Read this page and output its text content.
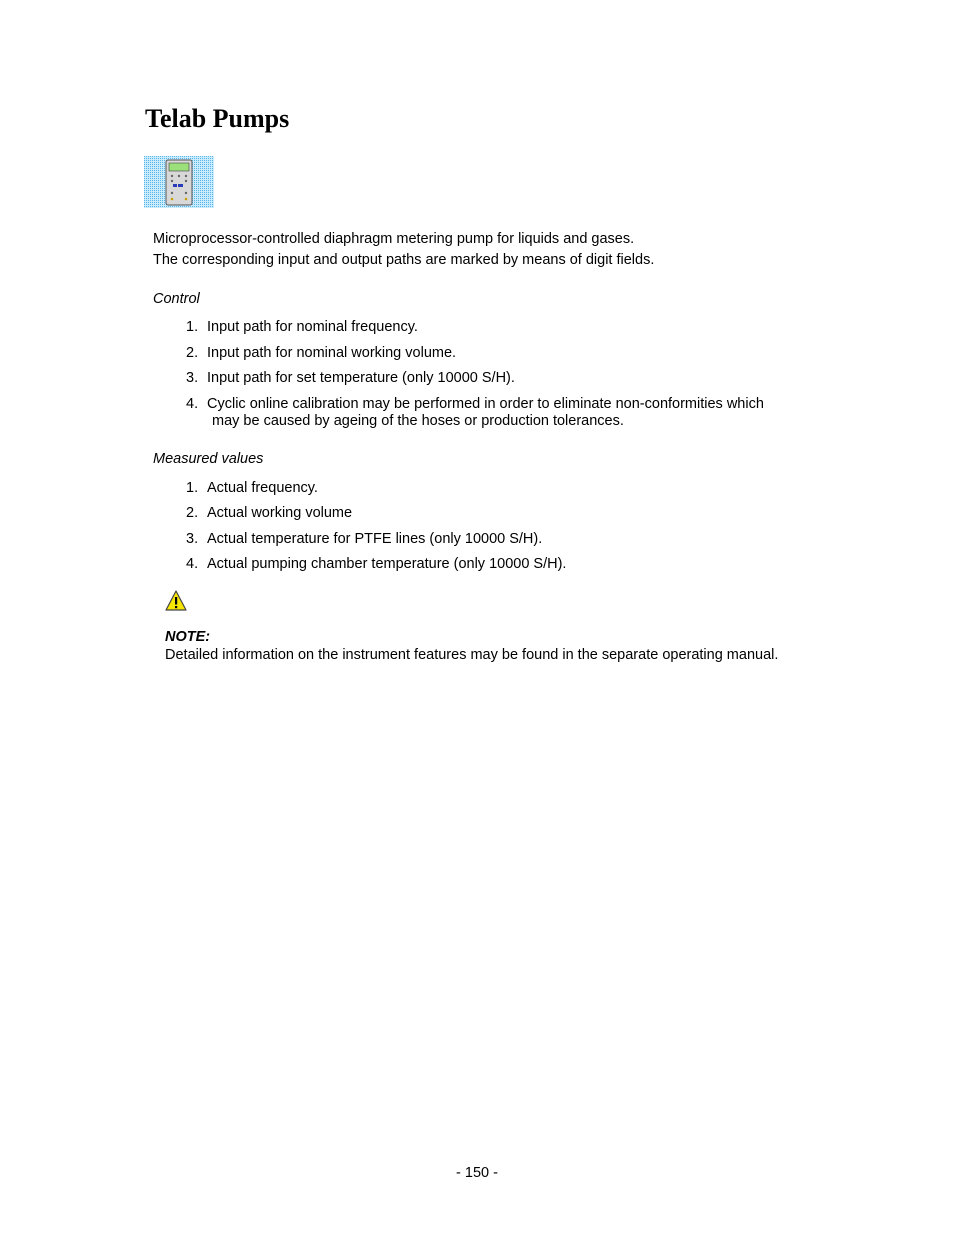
Telab Pumps

Microprocessor-controlled diaphragm metering pump for liquids and gases.

The corresponding input and output paths are marked by means of digit fields.

Control
1. Input path for nominal frequency.
2. Input path for nominal working volume.
3. Input path for set temperature (only 10000 S/H).
4. Cyclic online calibration may be performed in order to eliminate non-conformities which
may be caused by ageing of the hoses or production tolerances.
Measured values
1. Actual frequency.
2. Actual working volume
3. Actual temperature for PTFE lines (only 10000 S/H).
4. Actual pumping chamber temperature (only 10000 S/H).
NOTE:
Detailed information on the instrument features may be found in the separate operating manual.
- 150 -
